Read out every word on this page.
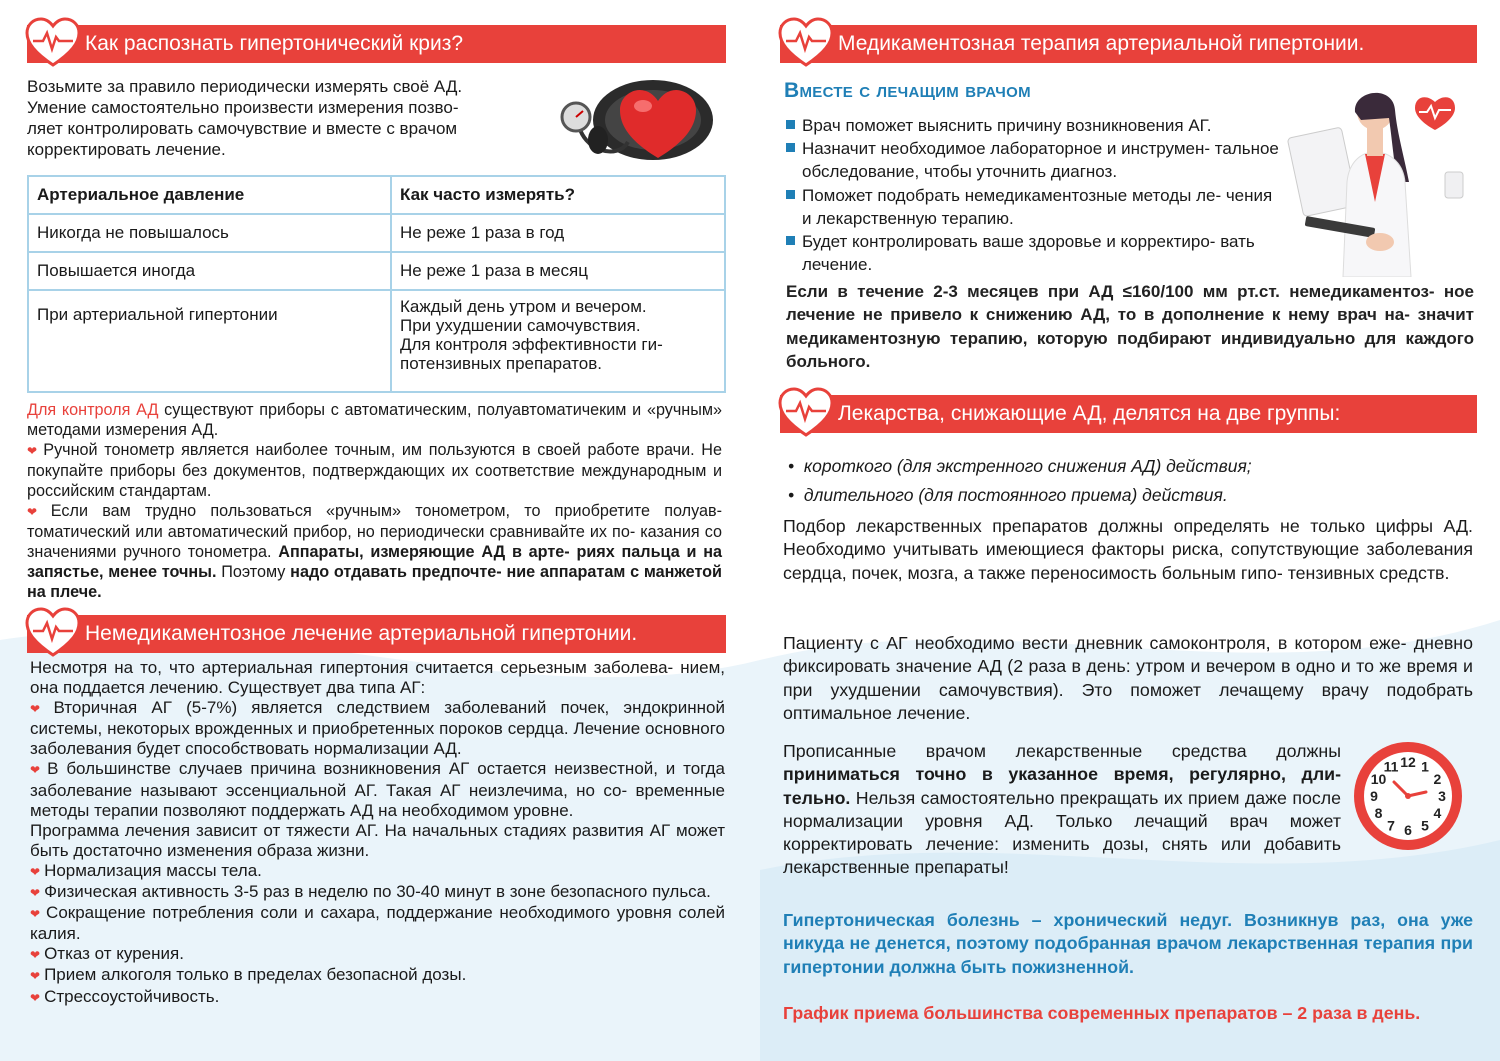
Как распознать гипертонический криз?

Возьмите за правило периодически измерять своё АД.

Умение самостоятельно произвести измерения позво-

ляет контролировать самочувствие и вместе с врачом

корректировать лечение.

Артериальное давление	Как часто измерять?
Никогда не повышалось	Не реже 1 раза в год
Повышается иногда	Не реже 1 раза в месяц
При артериальной гипертонии	Каждый день утром и вечером.
При ухудшении самочувствия.
Для контроля эффективности ги-
потензивных препаратов.

Для контроля АД существуют приборы с автоматическим, полуавтоматичеким и «ручным» методами измерения АД.

❤ Ручной тонометр является наиболее точным, им пользуются в своей работе врачи. Не покупайте приборы без документов, подтверждающих их соответствие международным и российским стандартам.

❤ Если вам трудно пользоваться «ручным» тонометром, то приобретите полуав- томатический или автоматический прибор, но периодически сравнивайте их по- казания со значениями ручного тонометра. Аппараты, измеряющие АД в арте- риях пальца и на запястье, менее точны. Поэтому надо отдавать предпочте- ние аппаратам с манжетой на плече.

Немедикаментозное лечение артериальной гипертонии.

Несмотря на то, что артериальная гипертония считается серьезным заболева- нием, она поддается лечению. Существует два типа АГ:

❤ Вторичная АГ (5-7%) является следствием заболеваний почек, эндокринной системы, некоторых врожденных и приобретенных пороков сердца. Лечение основного заболевания будет способствовать нормализации АД.

❤ В большинстве случаев причина возникновения АГ остается неизвестной, и тогда заболевание называют эссенциальной АГ. Такая АГ неизлечима, но со- временные методы терапии позволяют поддержать АД на необходимом уровне.

Программа лечения зависит от тяжести АГ. На начальных стадиях развития АГ может быть достаточно изменения образа жизни.

❤ Нормализация массы тела.

❤ Физическая активность 3-5 раз в неделю по 30-40 минут в зоне безопасного пульса.

❤ Сокращение потребления соли и сахара, поддержание необходимого уровня солей калия.

❤ Отказ от курения.

❤ Прием алкоголя только в пределах безопасной дозы.

❤ Стрессоустойчивость.

Медикаментозная терапия артериальной гипертонии.
Вместе с лечащим врачом
Врач поможет выяснить причину возникновения АГ.
Назначит необходимое лабораторное и инструмен- тальное обследование, чтобы уточнить диагноз.
Поможет подобрать немедикаментозные методы ле- чения и лекарственную терапию.
Будет контролировать ваше здоровье и корректиро- вать лечение.

Если в течение 2-3 месяцев при АД ≤160/100 мм рт.ст. немедикаментоз- ное лечение не привело к снижению АД, то в дополнение к нему врач на- значит медикаментозную терапию, которую подбирают индивидуально для каждого больного.

Лекарства, снижающие АД, делятся на две группы:

•  короткого (для экстренного снижения АД) действия;

•  длительного (для постоянного приема) действия.

Подбор лекарственных препаратов должны определять не только цифры АД. Необходимо учитывать имеющиеся факторы риска, сопутствующие заболевания сердца, почек, мозга, а также переносимость больным гипо- тензивных средств.

Пациенту с АГ необходимо вести дневник самоконтроля, в котором еже- дневно фиксировать значение АД (2 раза в день: утром и вечером в одно и то же время и при ухудшении самочувствия). Это поможет лечащему врачу подобрать оптимальное лечение.

Прописанные врачом лекарственные средства должны приниматься точно в указанное время, регулярно, дли- тельно. Нельзя самостоятельно прекращать их прием даже после нормализации уровня АД. Только лечащий врач может корректировать лечение: изменить дозы, снять или добавить лекарственные препараты!

12 1
2
3
4
5
6
7
8
9
10
11

Гипертоническая болезнь – хронический недуг. Возникнув раз, она уже никуда не денется, поэтому подобранная врачом лекарственная терапия при гипертонии должна быть пожизненной.

График приема большинства современных препаратов – 2 раза в день.
